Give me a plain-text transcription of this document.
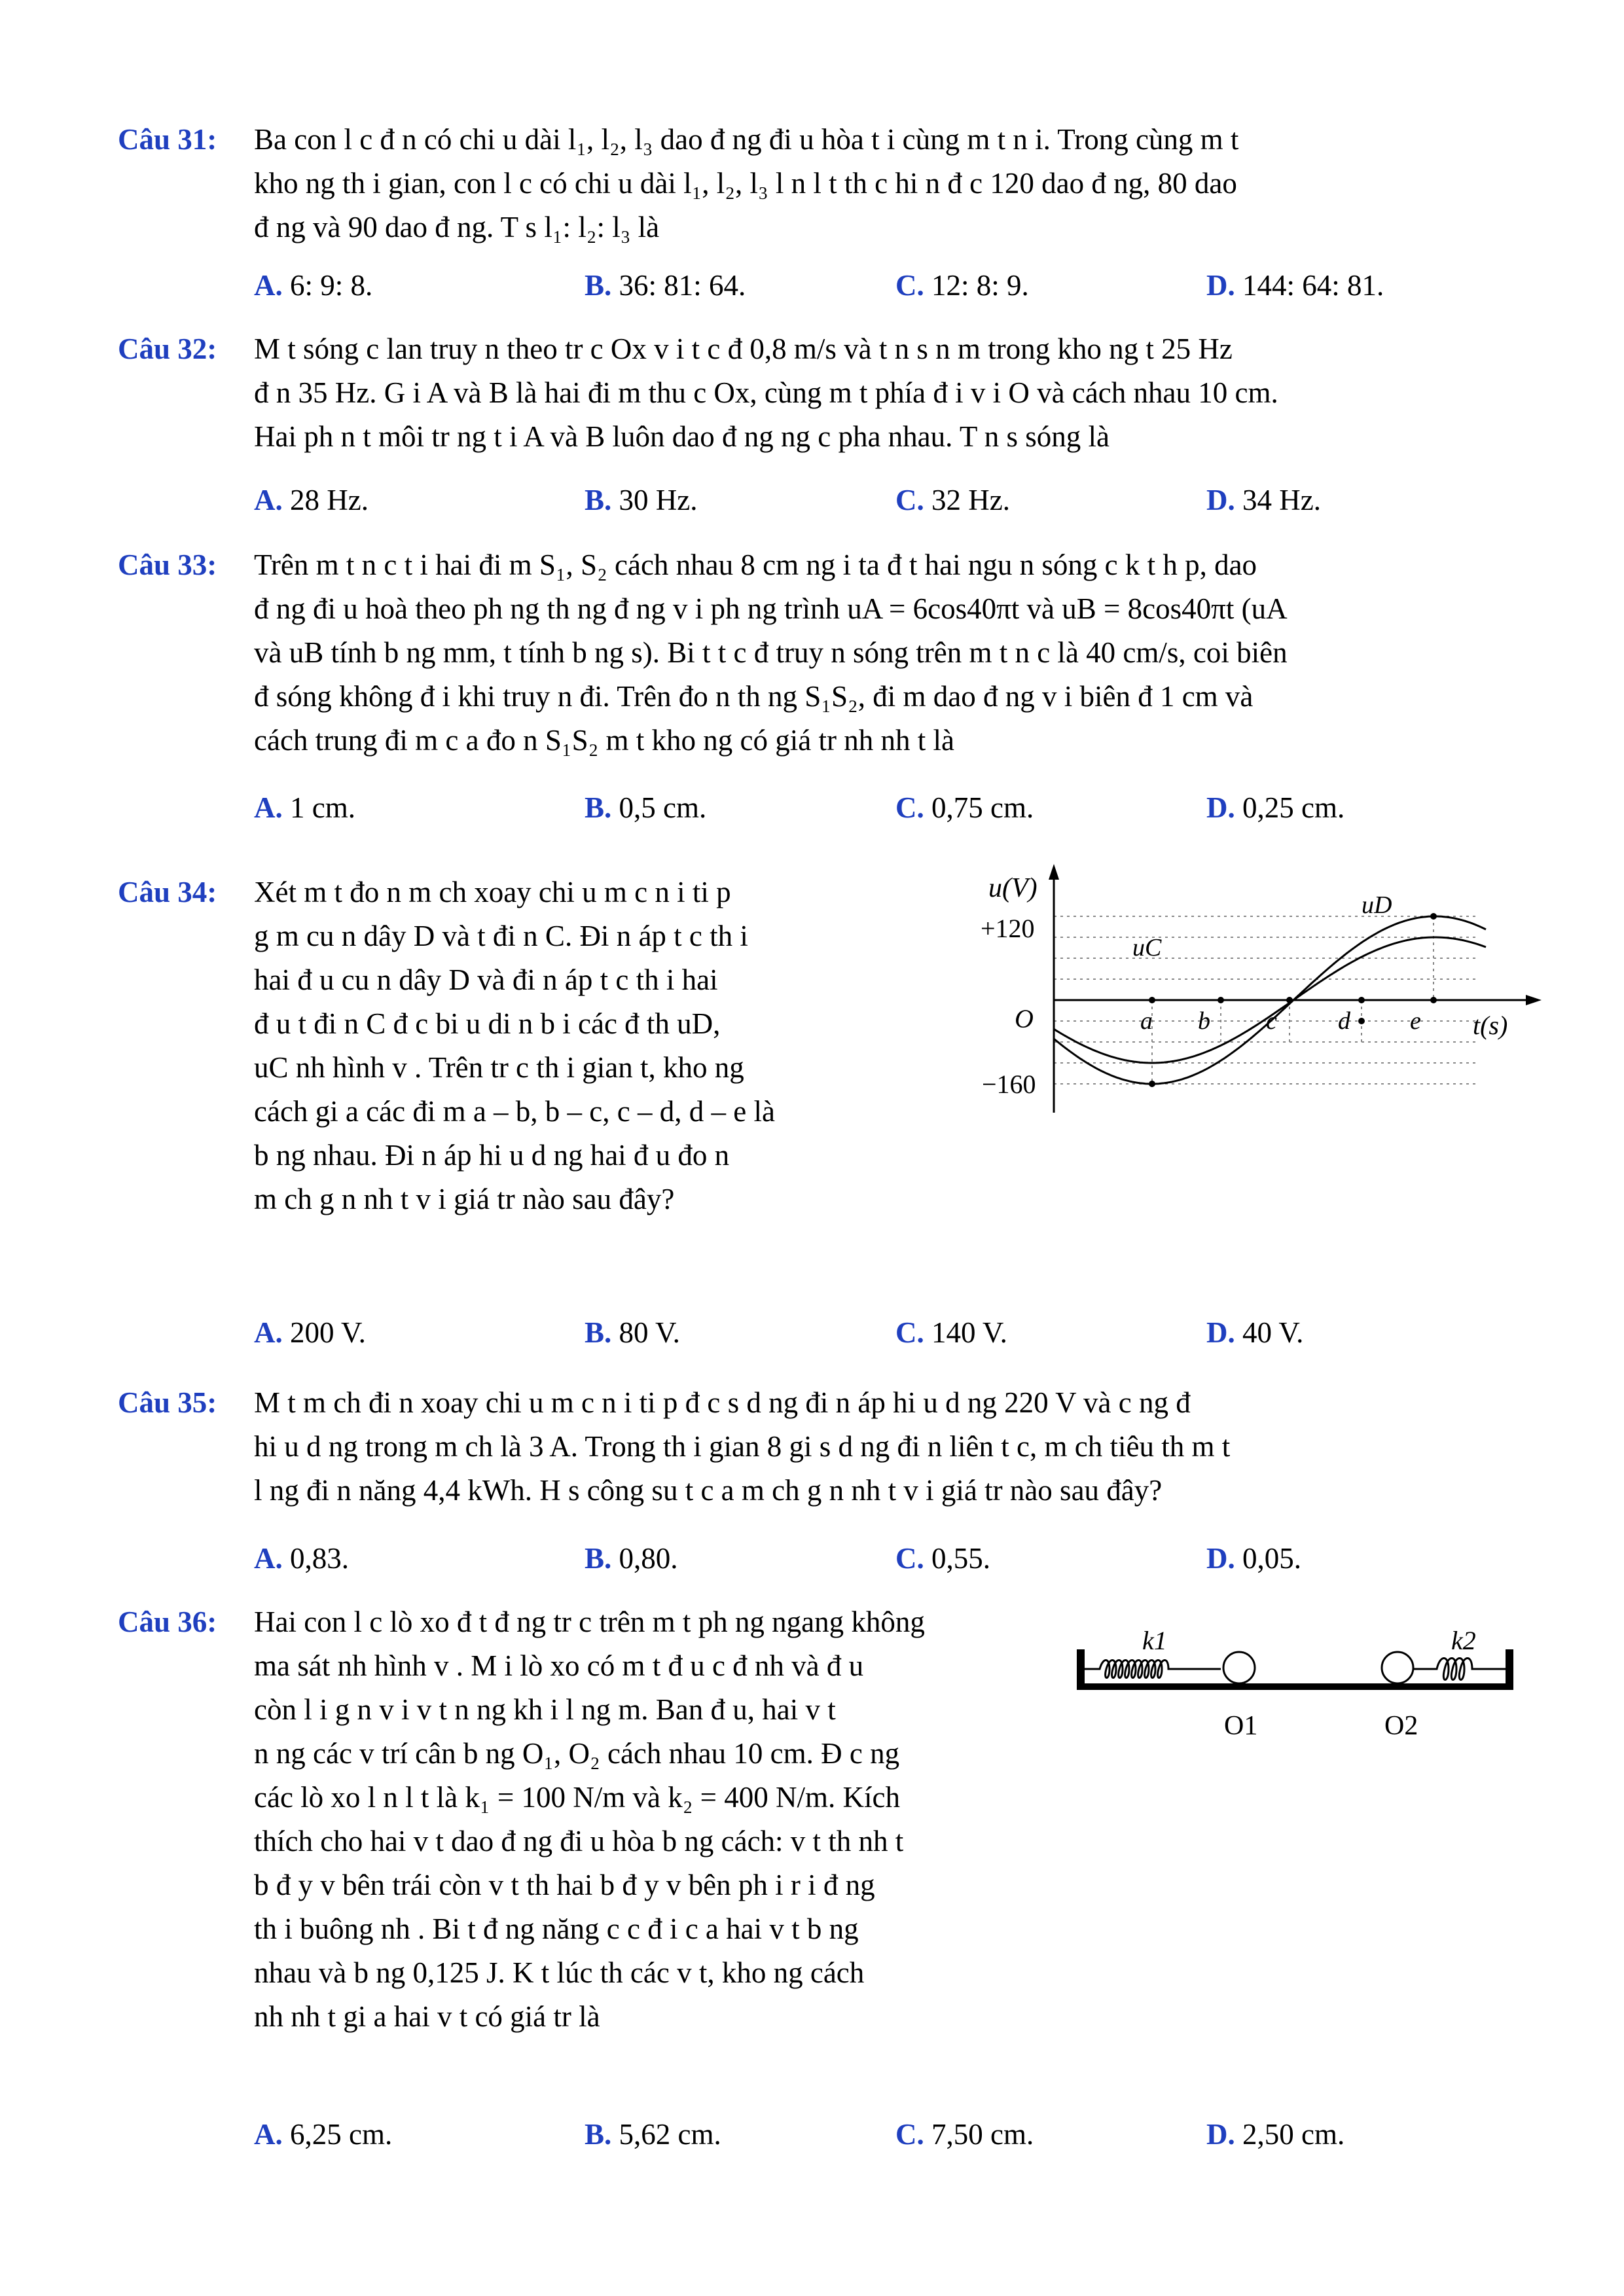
Câu 31: Ba con l c đ n có chi u dài l₁, l₂, l₃ dao đ ng đi u hòa t i cùng m t n i. Trong cùng m t

kho ng th i gian, con l c có chi u dài l₁, l₂, l₃ l n l t th c hi n đ c 120 dao đ ng, 80 dao

đ ng và 90 dao đ ng. T s l₁: l₂: l₃ là

A. 6: 9: 8.	B. 36: 81: 64.	C. 12: 8: 9.	D. 144: 64: 81.
Câu 32: M t sóng c lan truy n theo tr c Ox v i t c đ 0,8 m/s và t n s n m trong kho ng t 25 Hz

đ n 35 Hz. G i A và B là hai đi m thu c Ox, cùng m t phía đ i v i O và cách nhau 10 cm.

Hai ph n t môi tr ng t i A và B luôn dao đ ng ng c pha nhau. T n s sóng là

A. 28 Hz.	B. 30 Hz.	C. 32 Hz.	D. 34 Hz.
Câu 33: Trên m t n c t i hai đi m S₁, S₂ cách nhau 8 cm ng i ta đ t hai ngu n sóng c k t h p, dao

đ ng đi u hoà theo ph ng th ng đ ng v i ph ng trình uA = 6cos40πt và uB = 8cos40πt (uA

và uB tính b ng mm, t tính b ng s). Bi t t c đ truy n sóng trên m t n c là 40 cm/s, coi biên

đ sóng không đ i khi truy n đi. Trên đo n th ng S₁S₂, đi m dao đ ng v i biên đ 1 cm và

cách trung đi m c a đo n S₁S₂ m t kho ng có giá tr nh nh t là

A. 1 cm.	B. 0,5 cm.	C. 0,75 cm.	D. 0,25 cm.
Câu 34: Xét m t đo n m ch xoay chi u m c n i ti p

g m cu n dây D và t đi n C. Đi n áp t c th i

hai đ u cu n dây D và đi n áp t c th i hai

đ u t đi n C đ c bi u di n b i các đ th uD,

uC nh hình v . Trên tr c th i gian t, kho ng

cách gi a các đi m a – b, b – c, c – d, d – e là

b ng nhau. Đi n áp hi u d ng hai đ u đo n

m ch g n nh t v i giá tr nào sau đây?

u(V)
+120
−160
O	t(s)
a b c d e
uD
uC
A. 200 V.	B. 80 V.	C. 140 V.	D. 40 V.
Câu 35: M t m ch đi n xoay chi u m c n i ti p đ c s d ng đi n áp hi u d ng 220 V và c ng đ

hi u d ng trong m ch là 3 A. Trong th i gian 8 gi s d ng đi n liên t c, m ch tiêu th m t

l ng đi n năng 4,4 kWh. H s công su t c a m ch g n nh t v i giá tr nào sau đây?

A. 0,83.	B. 0,80.	C. 0,55.	D. 0,05.
Câu 36: Hai con l c lò xo đ t đ ng tr c trên m t ph ng ngang không

ma sát nh hình v . M i lò xo có m t đ u c đ nh và đ u

còn l i g n v i v t n ng kh i l ng m. Ban đ u, hai v t

n ng các v trí cân b ng O₁, O₂ cách nhau 10 cm. Đ c ng

các lò xo l n l t là k₁ = 100 N/m và k₂ = 400 N/m. Kích

thích cho hai v t dao đ ng đi u hòa b ng cách: v t th nh t

b đ y v bên trái còn v t th hai b đ y v bên ph i r i đ ng

th i buông nh . Bi t đ ng năng c c đ i c a hai v t b ng

nhau và b ng 0,125 J. K t lúc th các v t, kho ng cách

nh nh t gi a hai v t có giá tr là

k1	k2
O1	O2
A. 6,25 cm.	B. 5,62 cm.	C. 7,50 cm.	D. 2,50 cm.
